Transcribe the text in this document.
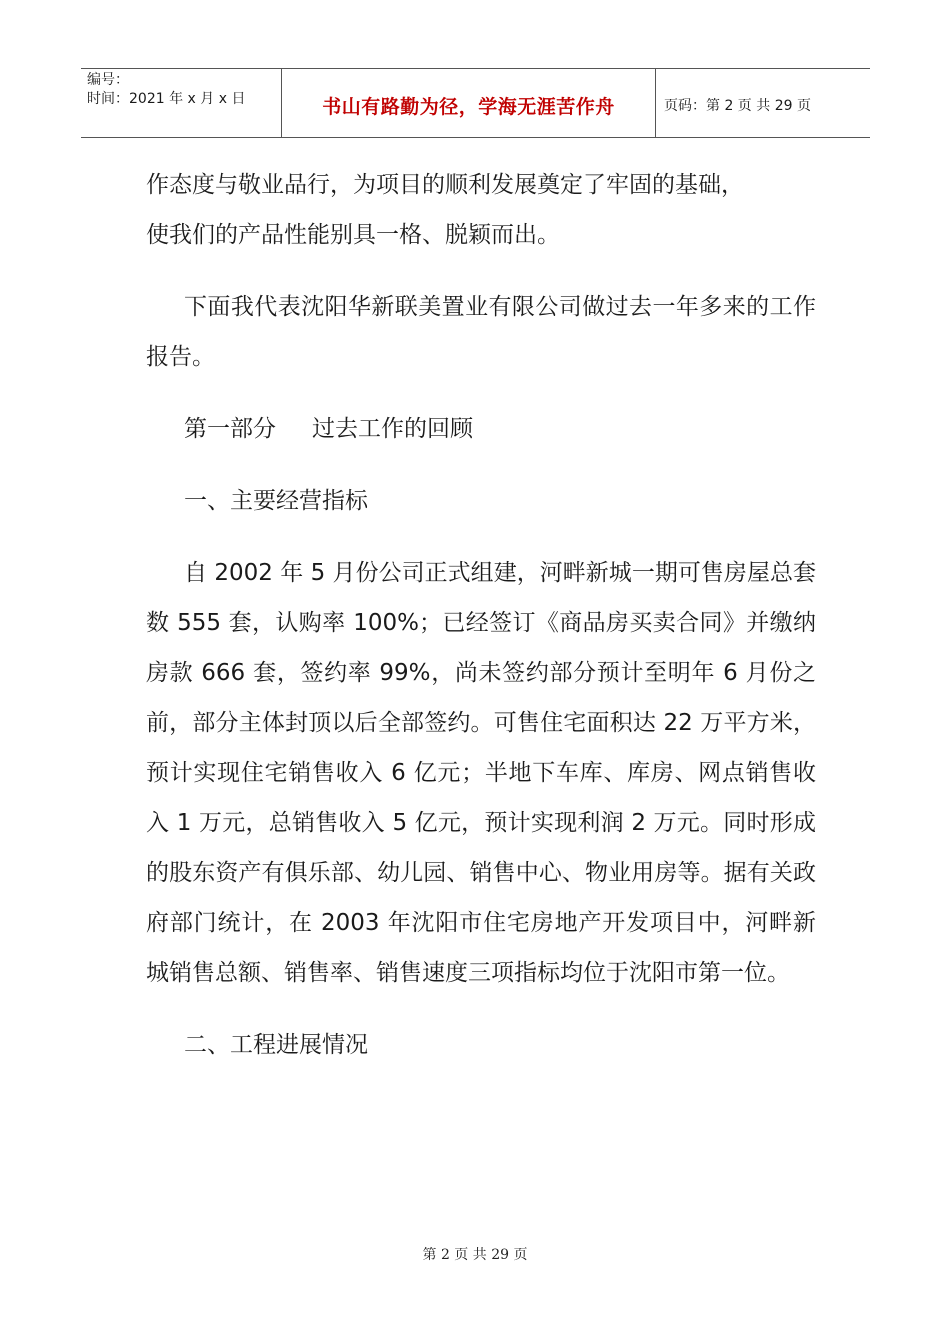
编号：
时间：2021 年 x 月 x 日	书山有路勤为径，学海无涯苦作舟	页码：第 2 页 共 29 页

作态度与敬业品行，为项目的顺利发展奠定了牢固的基础，

使我们的产品性能别具一格、脱颖而出。

下面我代表沈阳华新联美置业有限公司做过去一年多来的工作报告。

第一部分 过去工作的回顾

一、主要经营指标

自 2002 年 5 月份公司正式组建，河畔新城一期可售房屋总套数 555 套，认购率 100%；已经签订《商品房买卖合同》并缴纳房款 666 套，签约率 99%，尚未签约部分预计至明年 6 月份之前，部分主体封顶以后全部签约。可售住宅面积达 22 万平方米，预计实现住宅销售收入 6 亿元；半地下车库、库房、网点销售收入 1 万元，总销售收入 5 亿元，预计实现利润 2 万元。同时形成的股东资产有俱乐部、幼儿园、销售中心、物业用房等。据有关政府部门统计，在 2003 年沈阳市住宅房地产开发项目中，河畔新城销售总额、销售率、销售速度三项指标均位于沈阳市第一位。

二、工程进展情况

第 2 页 共 29 页
